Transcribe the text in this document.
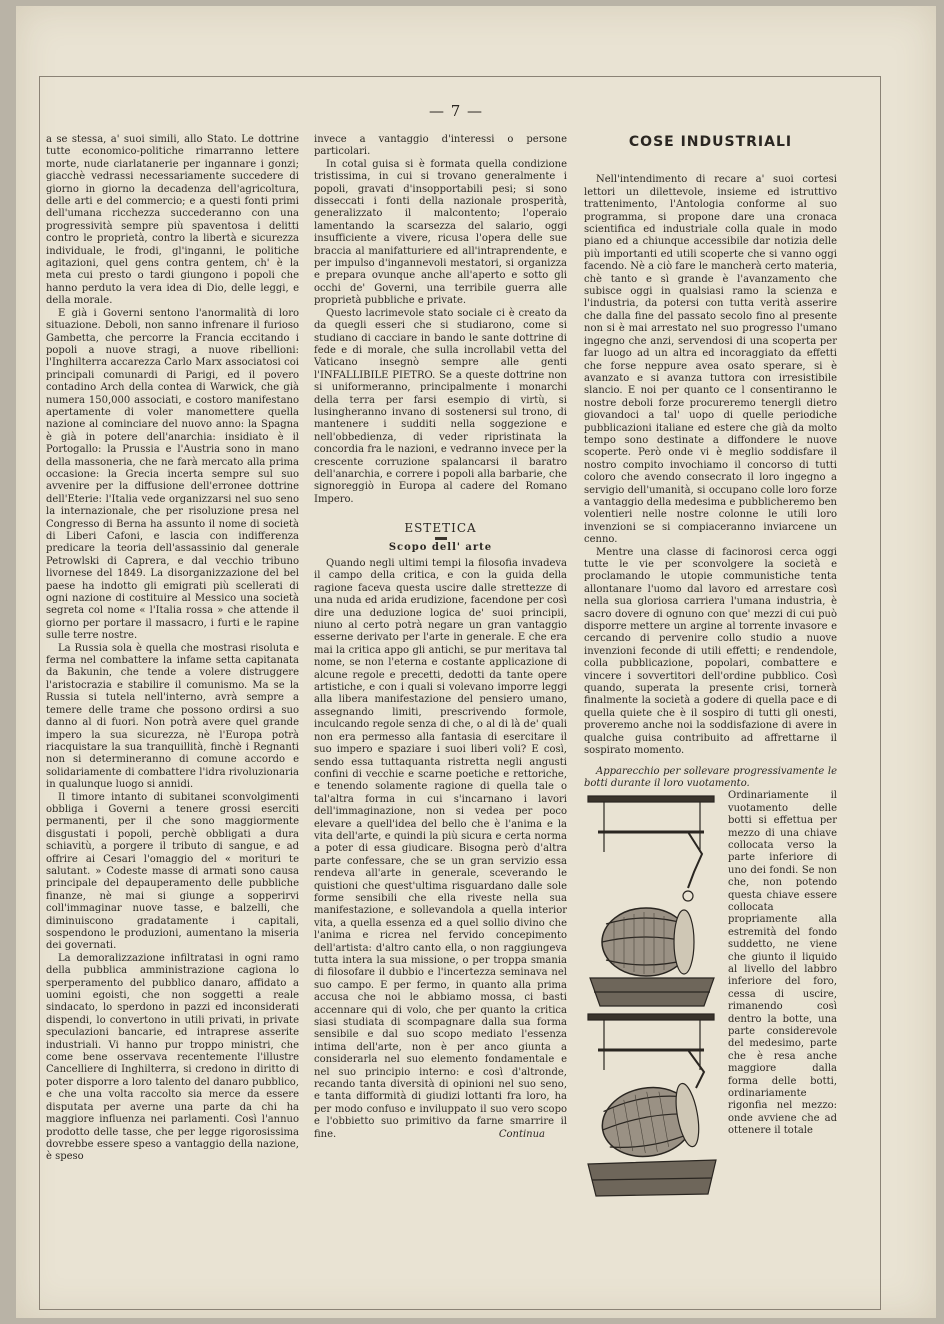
— 7 —

a se stessa, a' suoi simili, allo Stato. Le dottrine tutte economico-politiche rimarranno lettere morte, nude ciarlatanerie per ingannare i gonzi; giacchè vedrassi necessariamente succedere di giorno in giorno la decadenza dell'agricoltura, delle arti e del commercio; e a questi fonti primi dell'umana ricchezza succederanno con una progressività sempre più spaventosa i delitti contro le proprietà, contro la libertà e sicurezza individuale, le frodi, gl'inganni, le politiche agitazioni, quel gens contra gentem, ch' è la meta cui presto o tardi giungono i popoli che hanno perduto la vera idea di Dio, delle leggi, e della morale.

E già i Governi sentono l'anormalità di loro situazione. Deboli, non sanno infrenare il furioso Gambetta, che percorre la Francia eccitando i popoli a nuove stragi, a nuove ribellioni: l'Inghilterra accarezza Carlo Marx associatosi coi principali comunardi di Parigi, ed il povero contadino Arch della contea di Warwick, che già numera 150,000 associati, e costoro manifestano apertamente di voler manomettere quella nazione al cominciare del nuovo anno: la Spagna è già in potere dell'anarchia: insidiato è il Portogallo: la Prussia e l'Austria sono in mano della massoneria, che ne farà mercato alla prima occasione: la Grecia incerta sempre sul suo avvenire per la diffusione dell'erronee dottrine dell'Eterie: l'Italia vede organizzarsi nel suo seno la internazionale, che per risoluzione presa nel Congresso di Berna ha assunto il nome di società di Liberi Cafoni, e lascia con indifferenza predicare la teoria dell'assassinio dal generale Petrowlski di Caprera, e dal vecchio tribuno livornese del 1849. La disorganizzazione del bel paese ha indotto gli emigrati più scellerati di ogni nazione di costituire al Messico una società segreta col nome « l'Italia rossa » che attende il giorno per portare il massacro, i furti e le rapine sulle terre nostre.

La Russia sola è quella che mostrasi risoluta e ferma nel combattere la infame setta capitanata da Bakunin, che tende a volere distruggere l'aristocrazia e stabilire il comunismo. Ma se la Russia si tutela nell'interno, avrà sempre a temere delle trame che possono ordirsi a suo danno al di fuori. Non potrà avere quel grande impero la sua sicurezza, nè l'Europa potrà riacquistare la sua tranquillità, finchè i Regnanti non si determineranno di comune accordo e solidariamente di combattere l'idra rivoluzionaria in qualunque luogo si annidi.

Il timore intanto di subitanei sconvolgimenti obbliga i Governi a tenere grossi eserciti permanenti, per il che sono maggiormente disgustati i popoli, perchè obbligati a dura schiavitù, a porgere il tributo di sangue, e ad offrire ai Cesari l'omaggio del « morituri te salutant. » Codeste masse di armati sono causa principale del depauperamento delle pubbliche finanze, nè mai si giunge a sopperirvi coll'immaginar nuove tasse, e balzelli, che diminuiscono gradatamente i capitali, sospendono le produzioni, aumentano la miseria dei governati.

La demoralizzazione infiltratasi in ogni ramo della pubblica amministrazione cagiona lo sperperamento del pubblico danaro, affidato a uomini egoisti, che non soggetti a reale sindacato, lo sperdono in pazzi ed inconsiderati dispendi, lo convertono in utili privati, in private speculazioni bancarie, ed intraprese asserite industriali. Vi hanno pur troppo ministri, che come bene osservava recentemente l'illustre Cancelliere di Inghilterra, si credono in diritto di poter disporre a loro talento del danaro pubblico, e che una volta raccolto sia merce da essere disputata per averne una parte da chi ha maggiore influenza nei parlamenti. Così l'annuo prodotto delle tasse, che per legge rigorosissima dovrebbe essere speso a vantaggio della nazione, è speso

invece a vantaggio d'interessi o persone particolari.

In cotal guisa si è formata quella condizione tristissima, in cui si trovano generalmente i popoli, gravati d'insopportabili pesi; si sono disseccati i fonti della nazionale prosperità, generalizzato il malcontento; l'operaio lamentando la scarsezza del salario, oggi insufficiente a vivere, ricusa l'opera delle sue braccia al manifatturiere ed all'intraprendente, e per impulso d'ingannevoli mestatori, si organizza e prepara ovunque anche all'aperto e sotto gli occhi de' Governi, una terribile guerra alle proprietà pubbliche e private.

Questo lacrimevole stato sociale ci è creato da da quegli esseri che si studiarono, come si studiano di cacciare in bando le sante dottrine di fede e di morale, che sulla incrollabil vetta del Vaticano insegnò sempre alle genti l'INFALLIBILE PIETRO. Se a queste dottrine non si uniformeranno, principalmente i monarchi della terra per farsi esempio di virtù, si lusingheranno invano di sostenersi sul trono, di mantenere i sudditi nella soggezione e nell'obbedienza, di veder ripristinata la concordia fra le nazioni, e vedranno invece per la crescente corruzione spalancarsi il baratro dell'anarchia, e correre i popoli alla barbarie, che signoreggiò in Europa al cadere del Romano Impero.

ESTETICA
Scopo dell' arte

Quando negli ultimi tempi la filosofia invadeva il campo della critica, e con la guida della ragione faceva questa uscire dalle strettezze di una nuda ed arida erudizione, facendone per così dire una deduzione logica de' suoi principii, niuno al certo potrà negare un gran vantaggio esserne derivato per l'arte in generale. E che era mai la critica appo gli antichi, se pur meritava tal nome, se non l'eterna e costante applicazione di alcune regole e precetti, dedotti da tante opere artistiche, e con i quali si volevano imporre leggi alla libera manifestazione del pensiero umano, assegnando limiti, prescrivendo formole, inculcando regole senza di che, o al di là de' quali non era permesso alla fantasia di esercitare il suo impero e spaziare i suoi liberi voli? E così, sendo essa tuttaquanta ristretta negli angusti confini di vecchie e scarne poetiche e rettoriche, e tenendo solamente ragione di quella tale o tal'altra forma in cui s'incarnano i lavori dell'immaginazione, non si vedea per poco elevare a quell'idea del bello che è l'anima e la vita dell'arte, e quindi la più sicura e certa norma a poter di essa giudicare. Bisogna però d'altra parte confessare, che se un gran servizio essa rendeva all'arte in generale, sceverando le quistioni che quest'ultima risguardano dalle sole forme sensibili che ella riveste nella sua manifestazione, e sollevandola a quella interior vita, a quella essenza ed a quel sollio divino che l'anima e ricrea nel fervido concepimento dell'artista: d'altro canto ella, o non raggiungeva tutta intera la sua missione, o per troppa smania di filosofare il dubbio e l'incertezza seminava nel suo campo. E per fermo, in quanto alla prima accusa che noi le abbiamo mossa, ci basti accennare qui di volo, che per quanto la critica siasi studiata di scompagnare dalla sua forma sensibile e dal suo scopo mediato l'essenza intima dell'arte, non è per anco giunta a considerarla nel suo elemento fondamentale e nel suo principio interno: e così d'altronde, recando tanta diversità di opinioni nel suo seno, e tanta difformità di giudizi lottanti fra loro, ha per modo confuso e inviluppato il suo vero scopo e l'obbietto suo primitivo da farne smarrire il fine.	Continua

COSE INDUSTRIALI

Nell'intendimento di recare a' suoi cortesi lettori un dilettevole, insieme ed istruttivo trattenimento, l'Antologia conforme al suo programma, si propone dare una cronaca scientifica ed industriale colla quale in modo piano ed a chiunque accessibile dar notizia delle più importanti ed utili scoperte che si vanno oggi facendo. Nè a ciò fare le mancherà certo materia, chè tanto e sì grande è l'avanzamento che subisce oggi in qualsiasi ramo la scienza e l'industria, da potersi con tutta verità asserire che dalla fine del passato secolo fino al presente non si è mai arrestato nel suo progresso l'umano ingegno che anzi, servendosi di una scoperta per far luogo ad un altra ed incoraggiato da effetti che forse neppure avea osato sperare, si è avanzato e si avanza tuttora con irresistibile slancio. E noi per quanto ce l consentiranno le nostre deboli forze procureremo tenergli dietro giovandoci a tal' uopo di quelle periodiche pubblicazioni italiane ed estere che già da molto tempo sono destinate a diffondere le nuove scoperte. Però onde vi è meglio soddisfare il nostro compito invochiamo il concorso di tutti coloro che avendo consecrato il loro ingegno a servigio dell'umanità, si occupano colle loro forze a vantaggio della medesima e pubblicheremo ben volentieri nelle nostre colonne le utili loro invenzioni se si compiaceranno inviarcene un cenno.

Mentre una classe di facinorosi cerca oggi tutte le vie per sconvolgere la società e proclamando le utopie communistiche tenta allontanare l'uomo dal lavoro ed arrestare così nella sua gloriosa carriera l'umana industria, è sacro dovere di ognuno con que' mezzi di cui può disporre mettere un argine al torrente invasore e cercando di pervenire collo studio a nuove invenzioni feconde di utili effetti; e rendendole, colla pubblicazione, popolari, combattere e vincere i sovvertitori dell'ordine pubblico. Così quando, superata la presente crisi, tornerà finalmente la società a godere di quella pace e di quella quiete che è il sospiro di tutti gli onesti, proveremo anche noi la soddisfazione di avere in qualche guisa contribuito ad affrettarne il sospirato momento.

Apparecchio per sollevare progressivamente le botti durante il loro vuotamento.

Ordinariamente il vuotamento delle botti si effettua per mezzo di una chiave collocata verso la parte inferiore di uno dei fondi. Se non che, non potendo questa chiave essere collocata propriamente alla estremità del fondo suddetto, ne viene che giunto il liquido al livello del labbro inferiore del foro, cessa di uscire, rimanendo così dentro la botte, una parte considerevole del medesimo, parte che è resa anche maggiore dalla forma delle botti, ordinariamente rigonfia nel mezzo: onde avviene che ad ottenere il totale
